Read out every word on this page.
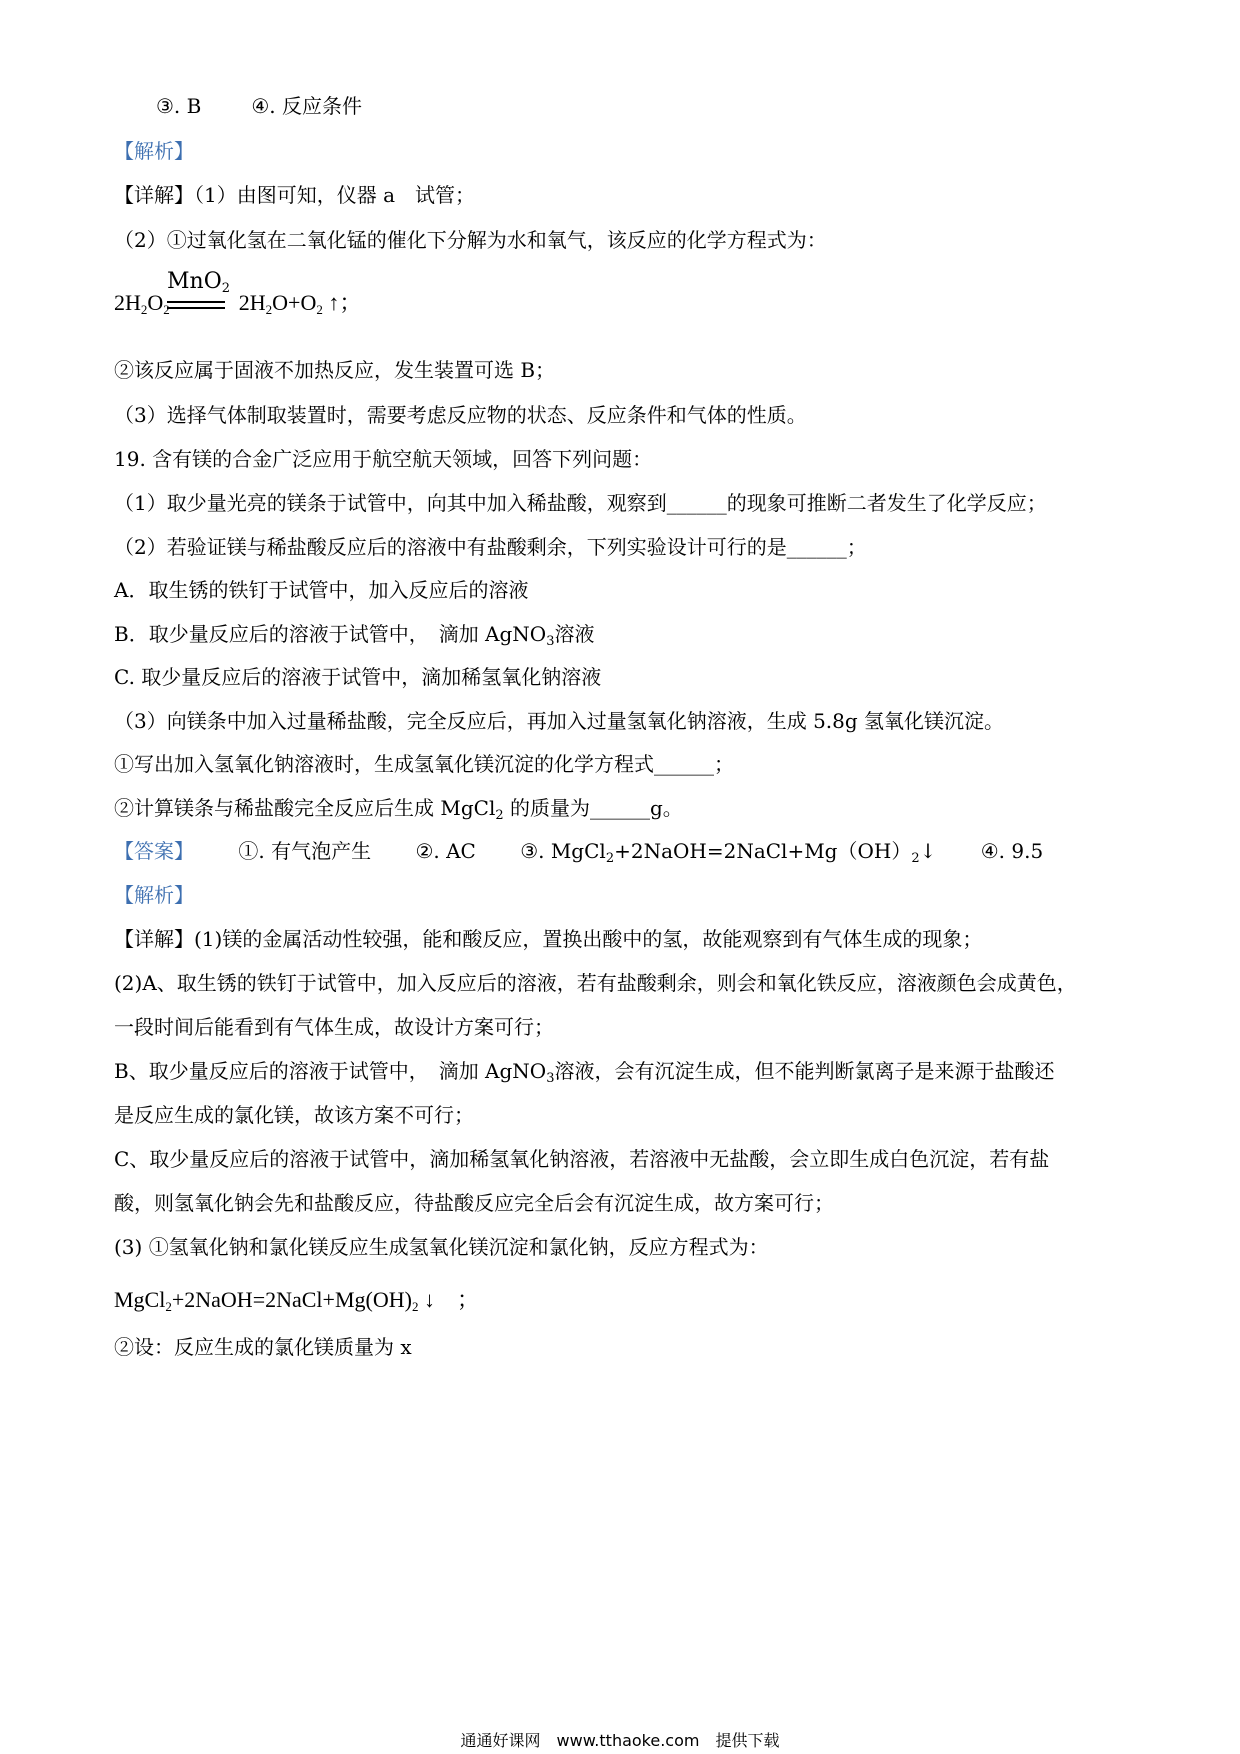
③. B	④. 反应条件
【解析】
【详解】（1）由图可知，仪器 a　试管；
（2）①过氧化氢在二氧化锰的催化下分解为水和氧气，该反应的化学方程式为：
$2H_2O_2$	$2H_2O+O_2$ ↑；
MnO$_2$
②该反应属于固液不加热反应，发生装置可选 B；
（3）选择气体制取装置时，需要考虑反应物的状态、反应条件和气体的性质。
19. 含有镁的合金广泛应用于航空航天领域，回答下列问题：
（1）取少量光亮的镁条于试管中，向其中加入稀盐酸，观察到______的现象可推断二者发生了化学反应；
（2）若验证镁与稀盐酸反应后的溶液中有盐酸剩余，下列实验设计可行的是______；
A．取生锈的铁钉于试管中，加入反应后的溶液
B．取少量反应后的溶液于试管中，　滴加 AgNO$_3$溶液
C. 取少量反应后的溶液于试管中，滴加稀氢氧化钠溶液
（3）向镁条中加入过量稀盐酸，完全反应后，再加入过量氢氧化钠溶液，生成 5.8g 氢氧化镁沉淀。
①写出加入氢氧化钠溶液时，生成氢氧化镁沉淀的化学方程式______；
②计算镁条与稀盐酸完全反应后生成 MgCl$_2$ 的质量为______g。
【答案】 ①. 有气泡产生 ②. AC ③. $MgCl_2+2NaOH=2NaCl+Mg(OH)_2↓$ ④. 9.5
【解析】
【详解】(1)镁的金属活动性较强，能和酸反应，置换出酸中的氢，故能观察到有气体生成的现象；
(2)A、取生锈的铁钉于试管中，加入反应后的溶液，若有盐酸剩余，则会和氧化铁反应，溶液颜色会成黄色，
一段时间后能看到有气体生成，故设计方案可行；
B、取少量反应后的溶液于试管中，　滴加 AgNO$_3$溶液，会有沉淀生成，但不能判断氯离子是来源于盐酸还
是反应生成的氯化镁，故该方案不可行；
C、取少量反应后的溶液于试管中，滴加稀氢氧化钠溶液，若溶液中无盐酸，会立即生成白色沉淀，若有盐
酸，则氢氧化钠会先和盐酸反应，待盐酸反应完全后会有沉淀生成，故方案可行；
(3) ①氢氧化钠和氯化镁反应生成氢氧化镁沉淀和氯化钠，反应方程式为：
$MgCl_2+2NaOH=2NaCl+Mg(OH)_2$ ↓　；
②设：反应生成的氯化镁质量为 x
通通好课网　www.tthaoke.com　提供下载
